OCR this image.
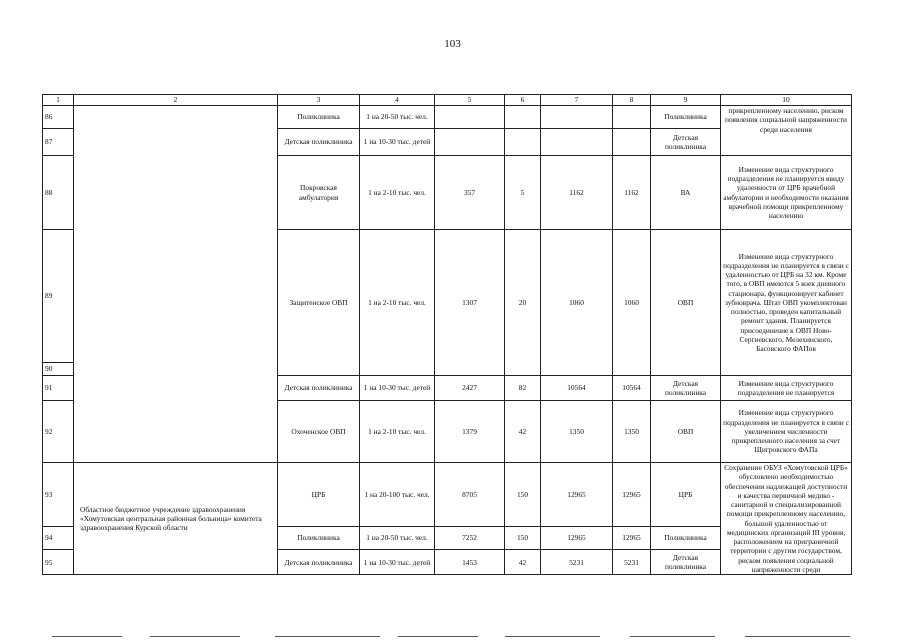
103
1	2	3	4	5	6	7	8	9	10
86		Поликлиника	1 на 20-50 тыс. чел.					Поликлиника	прикрепленному населению, риском появления социальной напряженности среди населения
87		Детская поликлиника	1 на 10-30 тыс. детей					Детская поликлиника	
88		Покровская амбулатория	1 на 2-10 тыс. чел.	357	5	1162	1162	ВА	Изменение вида структурного подразделения не планируется ввиду удаленности от ЦРБ врачебной амбулатории и необходимости оказания врачебной помощи прикрепленному населению
89		Защитенское ОВП	1 на 2-10 тыс. чел.	1307	20	1060	1060	ОВП	Изменение вида структурного подразделения не планируется в связи с удаленностью от ЦРБ на 32 км. Кроме того, в ОВП имеются 5 коек дневного стационара, функционирует кабинет зубноврача. Штат ОВП укомплектован полностью, проведен капитальный ремонт здания. Планируется присоединение к ОВП Ново-Сергиевского, Мелехинского, Басовского ФАПов
90									
91		Детская поликлиника	1 на 10-30 тыс. детей	2427	82	10564	10564	Детская поликлиника	Изменение вида структурного подразделения не планируется
92		Охоченское ОВП	1 на 2-10 тыс. чел.	1379	42	1350	1350	ОВП	Изменение вида структурного подразделения не планируется в связи с увеличением численности прикрепленного населения за счет Щигровского ФАПа
93	Областное бюджетное учреждение здравоохранения «Хомутовская центральная районная больница» комитета здравоохранения Курской области	ЦРБ	1 на 20-100 тыс. чел.	8705	150	12965	12965	ЦРБ	Сохранение ОБУЗ «Хомутовской ЦРБ» обусловлено необходимостью обеспечения надлежащей доступности и качества первичной медико - санитарной и специализированной помощи прикрепленному населению, большой удаленностью от медицинских организаций III уровня, расположением на приграничной территории с другим государством, риском появления социальной напряженности среди
94		Поликлиника	1 на 20-50 тыс. чел.	7252	150	12965	12965	Поликлиника	
95		Детская поликлиника	1 на 10-30 тыс. детей	1453	42	5231	5231	Детская поликлиника	
